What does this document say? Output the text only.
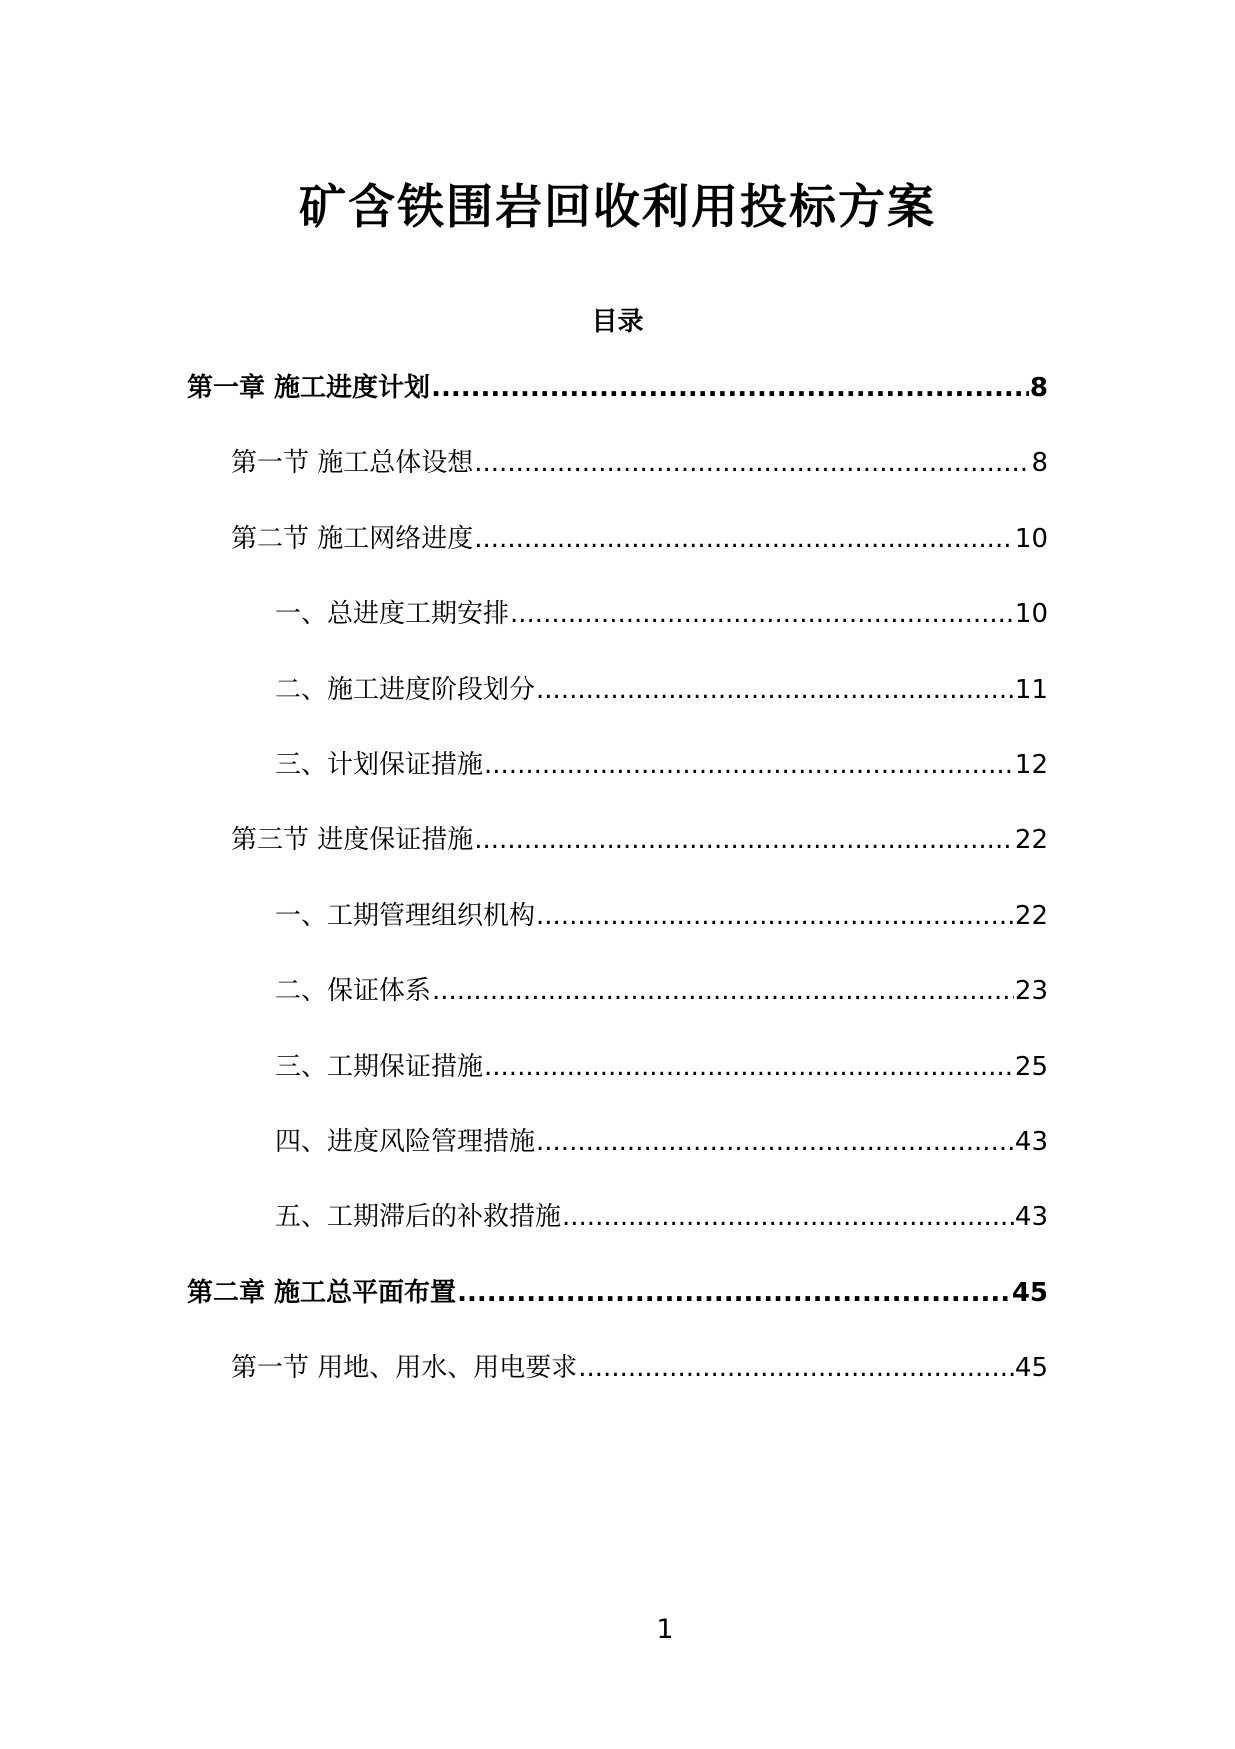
矿含铁围岩回收利用投标方案
目录
第一章 施工进度计划 .....	8
第一节 施工总体设想 .....	8
第二节 施工网络进度 .....	10
一、总进度工期安排 .....	10
二、施工进度阶段划分 .....	11
三、计划保证措施 .....	12
第三节 进度保证措施 .....	22
一、工期管理组织机构 .....	22
二、保证体系 .....	23
三、工期保证措施 .....	25
四、进度风险管理措施 .....	43
五、工期滞后的补救措施 .....	43
第二章 施工总平面布置 .....	45
第一节 用地、用水、用电要求 .....	45
1
